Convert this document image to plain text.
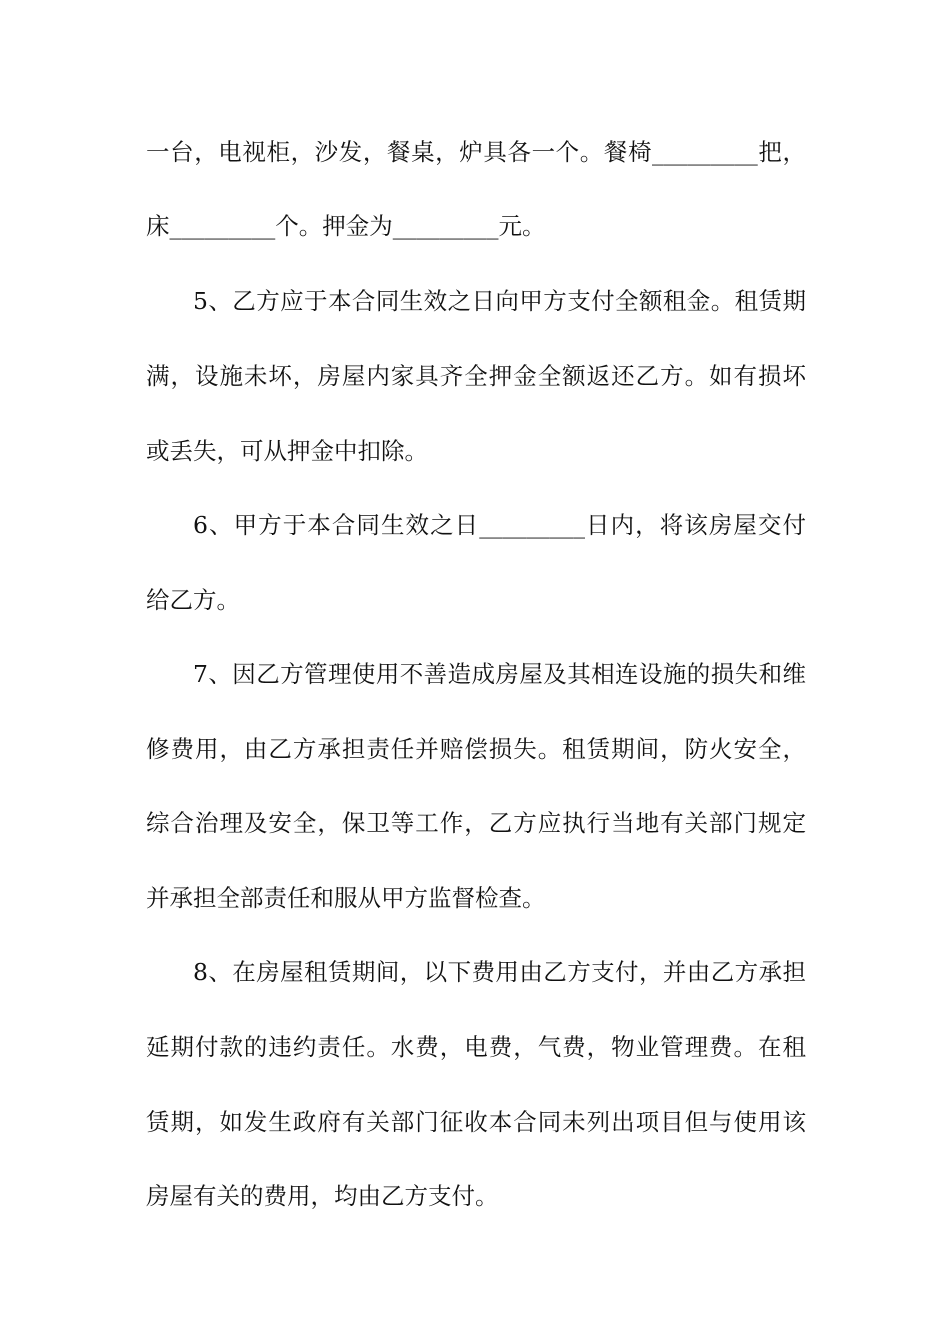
一台，电视柜，沙发，餐桌，炉具各一个。餐椅_________把，
床_________个。押金为_________元。
5、乙方应于本合同生效之日向甲方支付全额租金。租赁期
满，设施未坏，房屋内家具齐全押金全额返还乙方。如有损坏
或丢失，可从押金中扣除。
6、甲方于本合同生效之日_________日内，将该房屋交付
给乙方。
7、因乙方管理使用不善造成房屋及其相连设施的损失和维
修费用，由乙方承担责任并赔偿损失。租赁期间，防火安全，
综合治理及安全，保卫等工作，乙方应执行当地有关部门规定
并承担全部责任和服从甲方监督检查。
8、在房屋租赁期间，以下费用由乙方支付，并由乙方承担
延期付款的违约责任。水费，电费，气费，物业管理费。在租
赁期，如发生政府有关部门征收本合同未列出项目但与使用该
房屋有关的费用，均由乙方支付。
